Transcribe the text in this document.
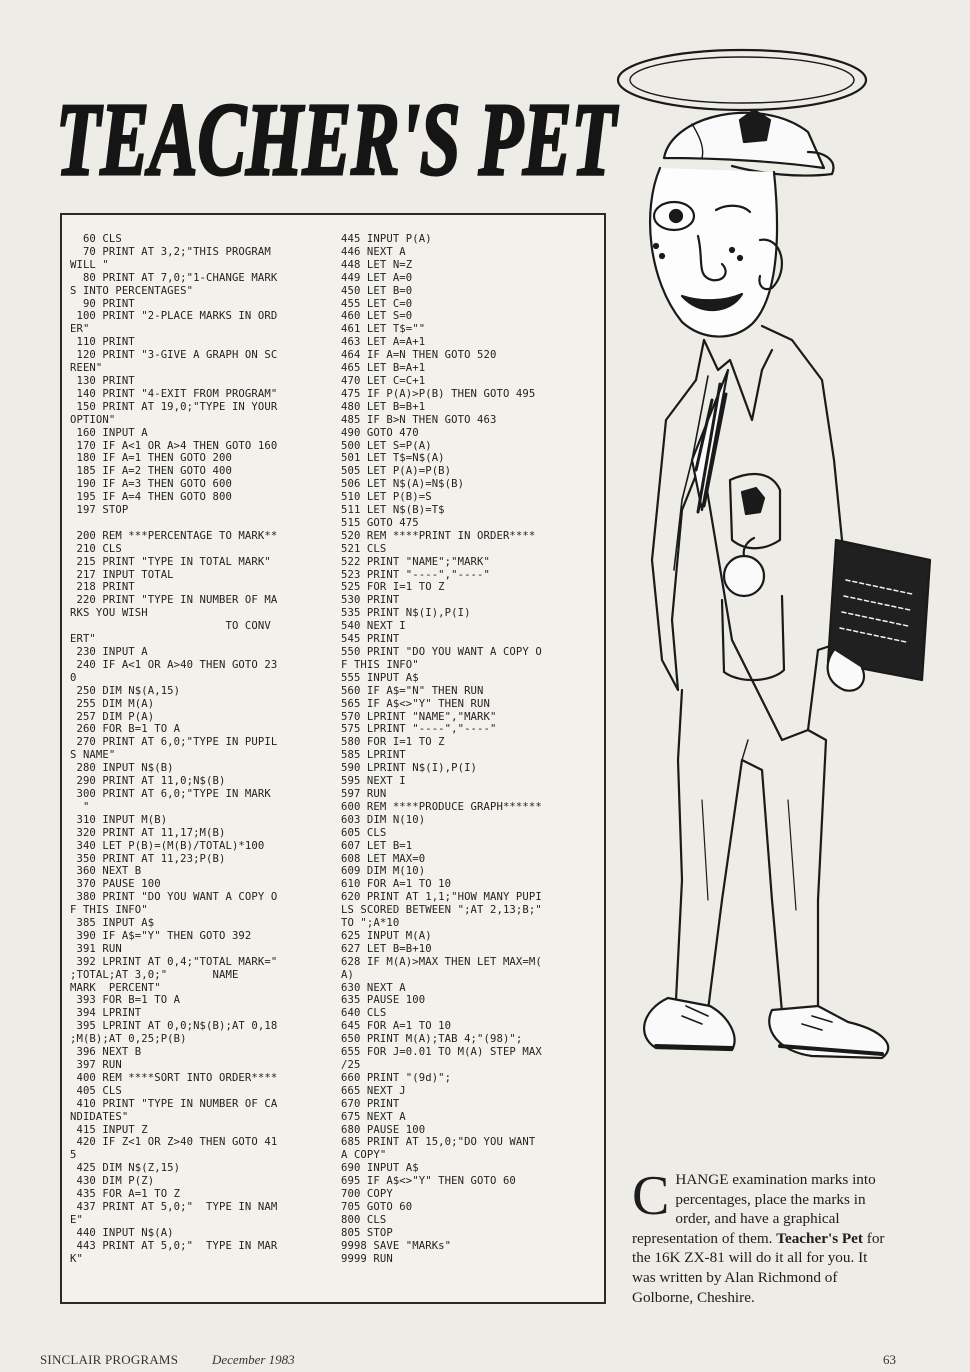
TEACHER'S PET
60 CLS
70 PRINT AT 3,2;"THIS PROGRAM
WILL "
80 PRINT AT 7,0;"1-CHANGE MARK
S INTO PERCENTAGES"
90 PRINT
100 PRINT "2-PLACE MARKS IN ORD
ER"
110 PRINT
120 PRINT "3-GIVE A GRAPH ON SC
REEN"
130 PRINT
140 PRINT "4-EXIT FROM PROGRAM"
150 PRINT AT 19,0;"TYPE IN YOUR
OPTION"
160 INPUT A
170 IF A<1 OR A>4 THEN GOTO 160
180 IF A=1 THEN GOTO 200
185 IF A=2 THEN GOTO 400
190 IF A=3 THEN GOTO 600
195 IF A=4 THEN GOTO 800
197 STOP

200 REM ***PERCENTAGE TO MARK**
210 CLS
215 PRINT "TYPE IN TOTAL MARK"
217 INPUT TOTAL
218 PRINT
220 PRINT "TYPE IN NUMBER OF MA
RKS YOU WISH
TO CONV
ERT"
230 INPUT A
240 IF A<1 OR A>40 THEN GOTO 23
0
250 DIM N$(A,15)
255 DIM M(A)
257 DIM P(A)
260 FOR B=1 TO A
270 PRINT AT 6,0;"TYPE IN PUPIL
S NAME"
280 INPUT N$(B)
290 PRINT AT 11,0;N$(B)
300 PRINT AT 6,0;"TYPE IN MARK
"
310 INPUT M(B)
320 PRINT AT 11,17;M(B)
340 LET P(B)=(M(B)/TOTAL)*100
350 PRINT AT 11,23;P(B)
360 NEXT B
370 PAUSE 100
380 PRINT "DO YOU WANT A COPY O
F THIS INFO"
385 INPUT A$
390 IF A$="Y" THEN GOTO 392
391 RUN
392 LPRINT AT 0,4;"TOTAL MARK="
;TOTAL;AT 3,0;"       NAME
MARK  PERCENT"
393 FOR B=1 TO A
394 LPRINT
395 LPRINT AT 0,0;N$(B);AT 0,18
;M(B);AT 0,25;P(B)
396 NEXT B
397 RUN
400 REM ****SORT INTO ORDER****
405 CLS
410 PRINT "TYPE IN NUMBER OF CA
NDIDATES"
415 INPUT Z
420 IF Z<1 OR Z>40 THEN GOTO 41
5
425 DIM N$(Z,15)
430 DIM P(Z)
435 FOR A=1 TO Z
437 PRINT AT 5,0;"  TYPE IN NAM
E"
440 INPUT N$(A)
443 PRINT AT 5,0;"  TYPE IN MAR
K"
445 INPUT P(A)
446 NEXT A
448 LET N=Z
449 LET A=0
450 LET B=0
455 LET C=0
460 LET S=0
461 LET T$=""
463 LET A=A+1
464 IF A=N THEN GOTO 520
465 LET B=A+1
470 LET C=C+1
475 IF P(A)>P(B) THEN GOTO 495
480 LET B=B+1
485 IF B>N THEN GOTO 463
490 GOTO 470
500 LET S=P(A)
501 LET T$=N$(A)
505 LET P(A)=P(B)
506 LET N$(A)=N$(B)
510 LET P(B)=S
511 LET N$(B)=T$
515 GOTO 475
520 REM ****PRINT IN ORDER****
521 CLS
522 PRINT "NAME";"MARK"
523 PRINT "----","----"
525 FOR I=1 TO Z
530 PRINT
535 PRINT N$(I),P(I)
540 NEXT I
545 PRINT
550 PRINT "DO YOU WANT A COPY O
F THIS INFO"
555 INPUT A$
560 IF A$="N" THEN RUN
565 IF A$<>"Y" THEN RUN
570 LPRINT "NAME","MARK"
575 LPRINT "----","----"
580 FOR I=1 TO Z
585 LPRINT
590 LPRINT N$(I),P(I)
595 NEXT I
597 RUN
600 REM ****PRODUCE GRAPH******
603 DIM N(10)
605 CLS
607 LET B=1
608 LET MAX=0
609 DIM M(10)
610 FOR A=1 TO 10
620 PRINT AT 1,1;"HOW MANY PUPI
LS SCORED BETWEEN ";AT 2,13;B;"
TO ";A*10
625 INPUT M(A)
627 LET B=B+10
628 IF M(A)>MAX THEN LET MAX=M(
A)
630 NEXT A
635 PAUSE 100
640 CLS
645 FOR A=1 TO 10
650 PRINT M(A);TAB 4;"(98)";
655 FOR J=0.01 TO M(A) STEP MAX
/25
660 PRINT "(9d)";
665 NEXT J
670 PRINT
675 NEXT A
680 PAUSE 100
685 PRINT AT 15,0;"DO YOU WANT
A COPY"
690 INPUT A$
695 IF A$<>"Y" THEN GOTO 60
700 COPY
705 GOTO 60
800 CLS
805 STOP
9998 SAVE "MARKs"
9999 RUN
CHANGE examination marks into percentages, place the marks in order, and have a graphical representation of them. Teacher's Pet for the 16K ZX-81 will do it all for you. It was written by Alan Richmond of Golborne, Cheshire.
SINCLAIR PROGRAMS	December 1983	63
